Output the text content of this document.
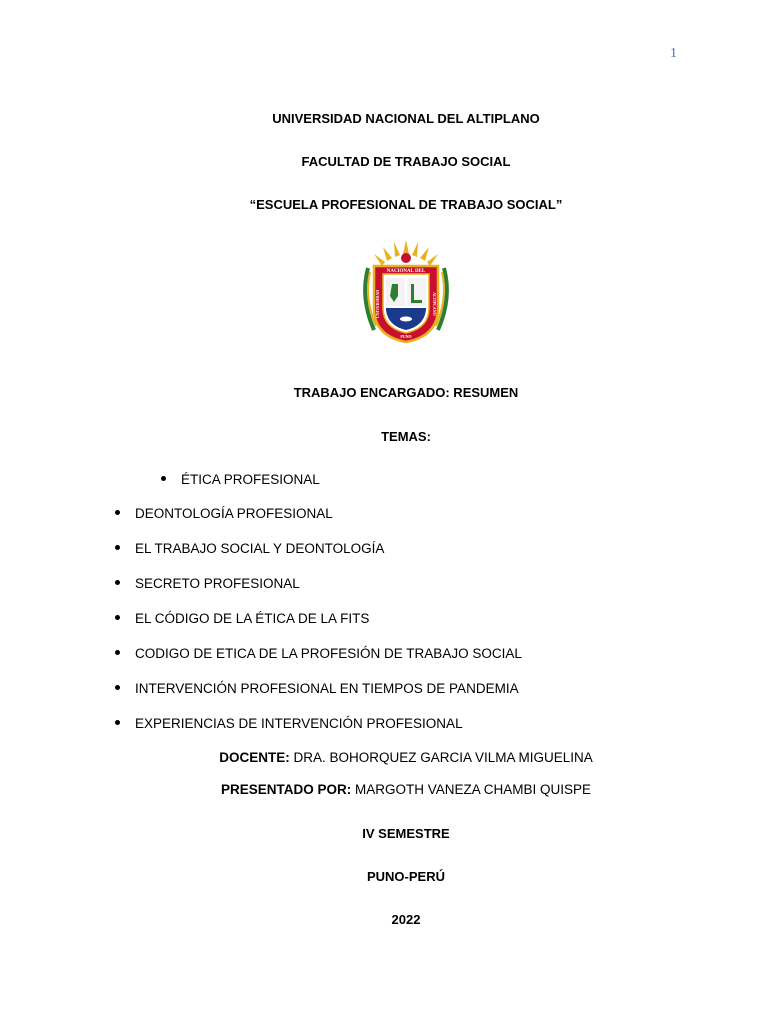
1
UNIVERSIDAD NACIONAL DEL ALTIPLANO
FACULTAD DE TRABAJO SOCIAL
“ESCUELA PROFESIONAL DE TRABAJO SOCIAL”
NACIONAL DEL
UNIVERSIDAD	ALTIPLANO
PUNO
TRABAJO ENCARGADO: RESUMEN
TEMAS:
ÉTICA PROFESIONAL
DEONTOLOGÍA PROFESIONAL
EL TRABAJO SOCIAL Y DEONTOLOGÍA
SECRETO PROFESIONAL
EL CÓDIGO DE LA ÉTICA DE LA FITS
CODIGO DE ETICA DE LA PROFESIÓN DE TRABAJO SOCIAL
INTERVENCIÓN PROFESIONAL EN TIEMPOS DE PANDEMIA
EXPERIENCIAS DE INTERVENCIÓN PROFESIONAL
DOCENTE: DRA. BOHORQUEZ GARCIA VILMA MIGUELINA
PRESENTADO POR: MARGOTH VANEZA CHAMBI QUISPE
IV SEMESTRE
PUNO-PERÚ
2022
